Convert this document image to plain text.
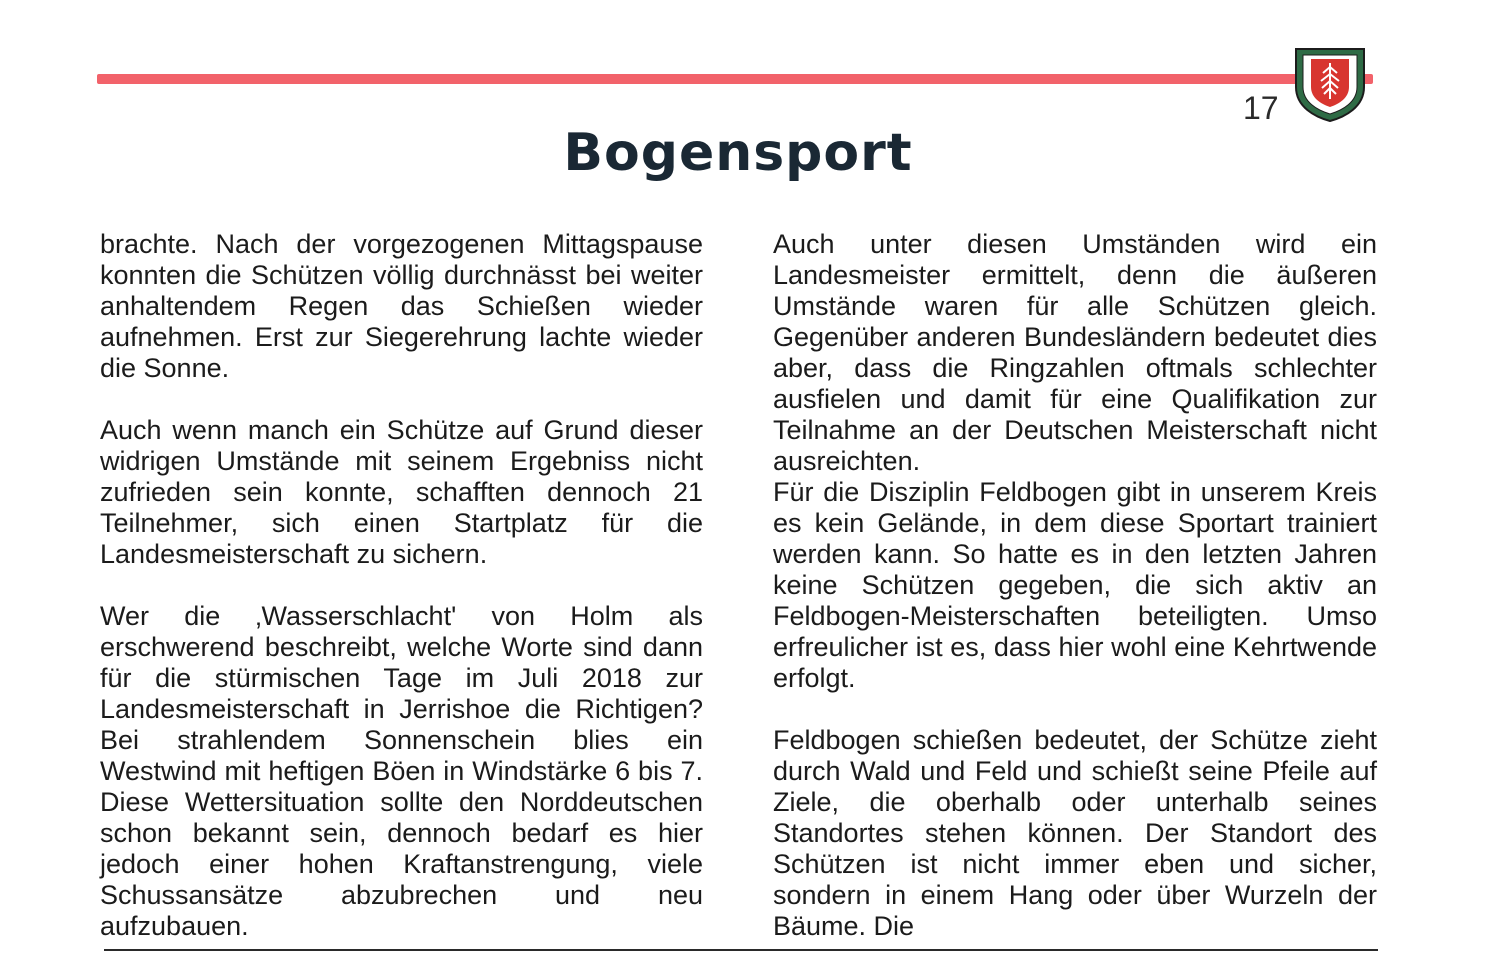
17
Bogensport

brachte. Nach der vorgezogenen Mittagspause konnten die Schützen völlig durchnässt bei weiter anhaltendem Regen das Schießen wieder aufnehmen. Erst zur Siegerehrung lachte wieder die Sonne.

Auch wenn manch ein Schütze auf Grund dieser widrigen Umstände mit seinem Ergebniss nicht zufrieden sein konnte, schafften dennoch 21 Teilnehmer, sich einen Startplatz für die Landesmeisterschaft zu sichern.

Wer die ‚Wasserschlacht' von Holm als erschwerend beschreibt, welche Worte sind dann für die stürmischen Tage im Juli 2018 zur Landesmeisterschaft in Jerrishoe die Richtigen? Bei strahlendem Sonnenschein blies ein Westwind mit heftigen Böen in Windstärke 6 bis 7. Diese Wettersituation sollte den Norddeutschen schon bekannt sein, dennoch bedarf es hier jedoch einer hohen Kraftanstrengung, viele Schussansätze abzubrechen und neu aufzubauen.

Auch unter diesen Umständen wird ein Landesmeister ermittelt, denn die äußeren Umstände waren für alle Schützen gleich. Gegenüber anderen Bundesländern bedeutet dies aber, dass die Ringzahlen oftmals schlechter ausfielen und damit für eine Qualifikation zur Teilnahme an der Deutschen Meisterschaft nicht ausreichten.

Für die Disziplin Feldbogen gibt in unserem Kreis es kein Gelände, in dem diese Sportart trainiert werden kann. So hatte es in den letzten Jahren keine Schützen gegeben, die sich aktiv an Feldbogen-Meisterschaften beteiligten. Umso erfreulicher ist es, dass hier wohl eine Kehrtwende erfolgt.

Feldbogen schießen bedeutet, der Schütze zieht durch Wald und Feld und schießt seine Pfeile auf Ziele, die oberhalb oder unterhalb seines Standortes stehen können. Der Standort des Schützen ist nicht immer eben und sicher, sondern in einem Hang oder über Wurzeln der Bäume. Die
